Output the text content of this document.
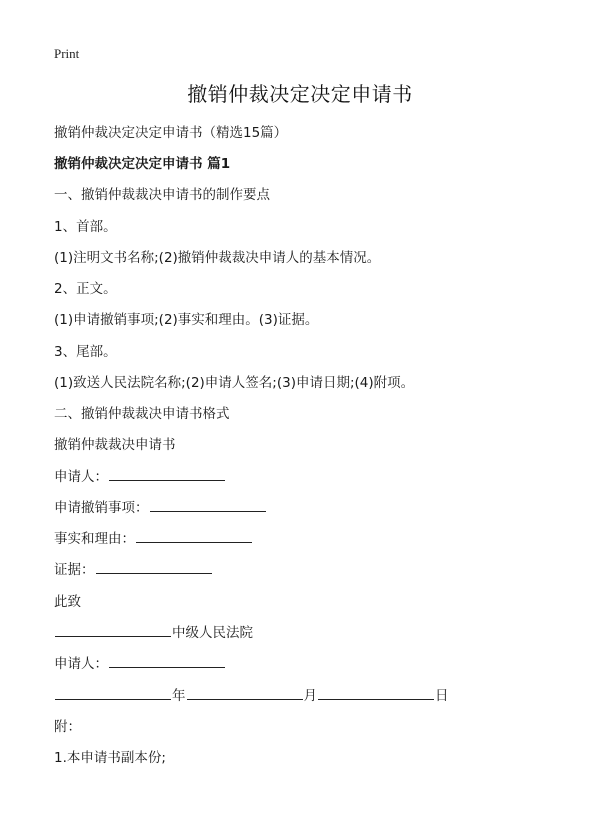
Print
撤销仲裁决定决定申请书
撤销仲裁决定决定申请书（精选15篇）
撤销仲裁决定决定申请书 篇1
一、撤销仲裁裁决申请书的制作要点
1、首部。
(1)注明文书名称;(2)撤销仲裁裁决申请人的基本情况。
2、正文。
(1)申请撤销事项;(2)事实和理由。(3)证据。
3、尾部。
(1)致送人民法院名称;(2)申请人签名;(3)申请日期;(4)附项。
二、撤销仲裁裁决申请书格式
撤销仲裁裁决申请书
申请人：
申请撤销事项：
事实和理由：
证据：
此致
中级人民法院
申请人：
年	月	日
附：
1.本申请书副本份;
